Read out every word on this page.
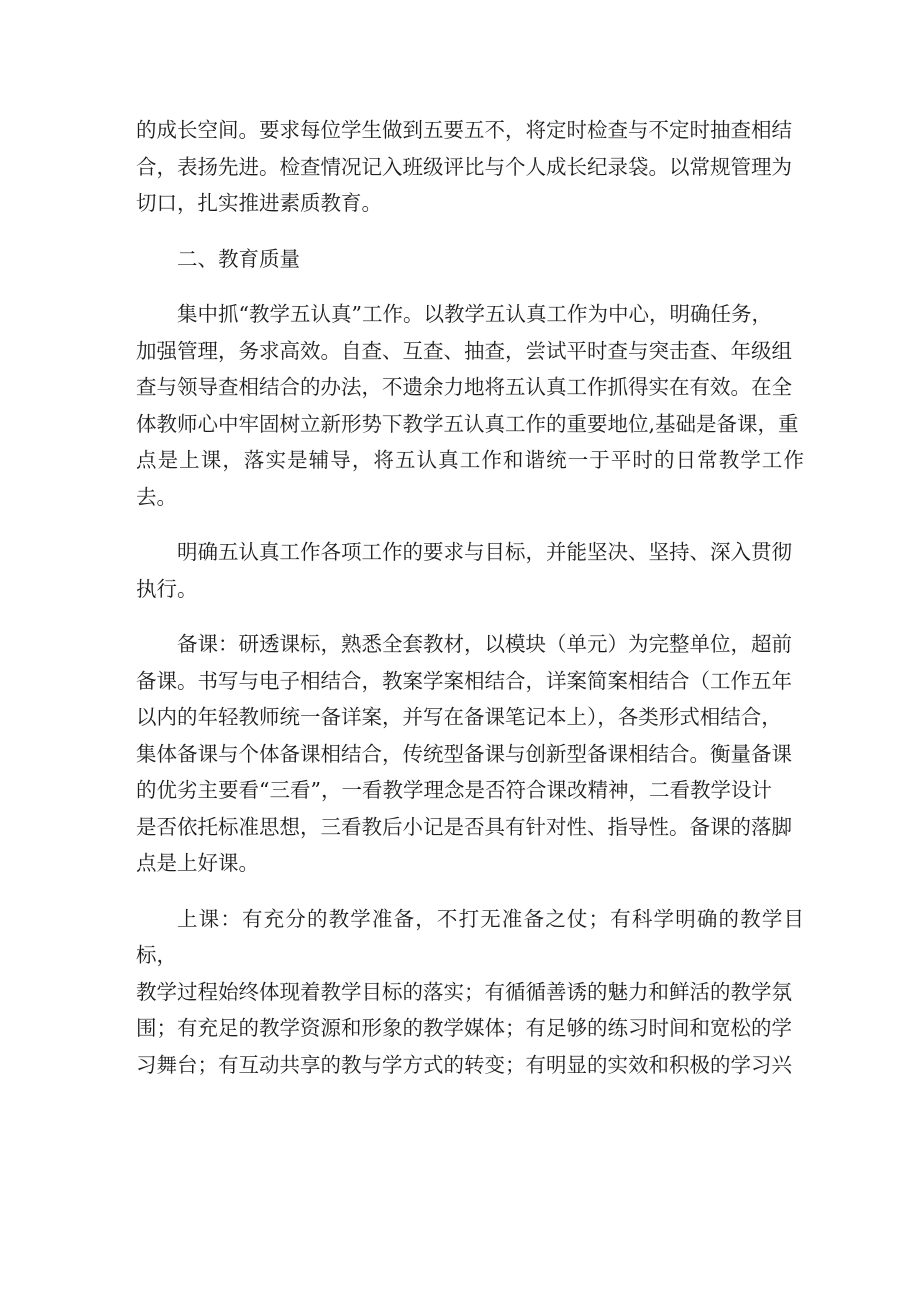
的成长空间。要求每位学生做到五要五不，将定时检查与不定时抽查相结
合，表扬先进。检查情况记入班级评比与个人成长纪录袋。以常规管理为
切口，扎实推进素质教育。

二、教育质量

集中抓“教学五认真”工作。以教学五认真工作为中心，明确任务，
加强管理，务求高效。自查、互查、抽查，尝试平时查与突击查、年级组
查与领导查相结合的办法，不遗余力地将五认真工作抓得实在有效。在全
体教师心中牢固树立新形势下教学五认真工作的重要地位,基础是备课，重
点是上课，落实是辅导，将五认真工作和谐统一于平时的日常教学工作去。

明确五认真工作各项工作的要求与目标，并能坚决、坚持、深入贯彻
执行。

备课：研透课标，熟悉全套教材，以模块（单元）为完整单位，超前
备课。书写与电子相结合，教案学案相结合，详案简案相结合（工作五年
以内的年轻教师统一备详案，并写在备课笔记本上），各类形式相结合，
集体备课与个体备课相结合，传统型备课与创新型备课相结合。衡量备课
的优劣主要看“三看”，一看教学理念是否符合课改精神，二看教学设计
是否依托标准思想，三看教后小记是否具有针对性、指导性。备课的落脚
点是上好课。

上课：有充分的教学准备，不打无准备之仗；有科学明确的教学目标，
教学过程始终体现着教学目标的落实；有循循善诱的魅力和鲜活的教学氛
围；有充足的教学资源和形象的教学媒体；有足够的练习时间和宽松的学
习舞台；有互动共享的教与学方式的转变；有明显的实效和积极的学习兴
